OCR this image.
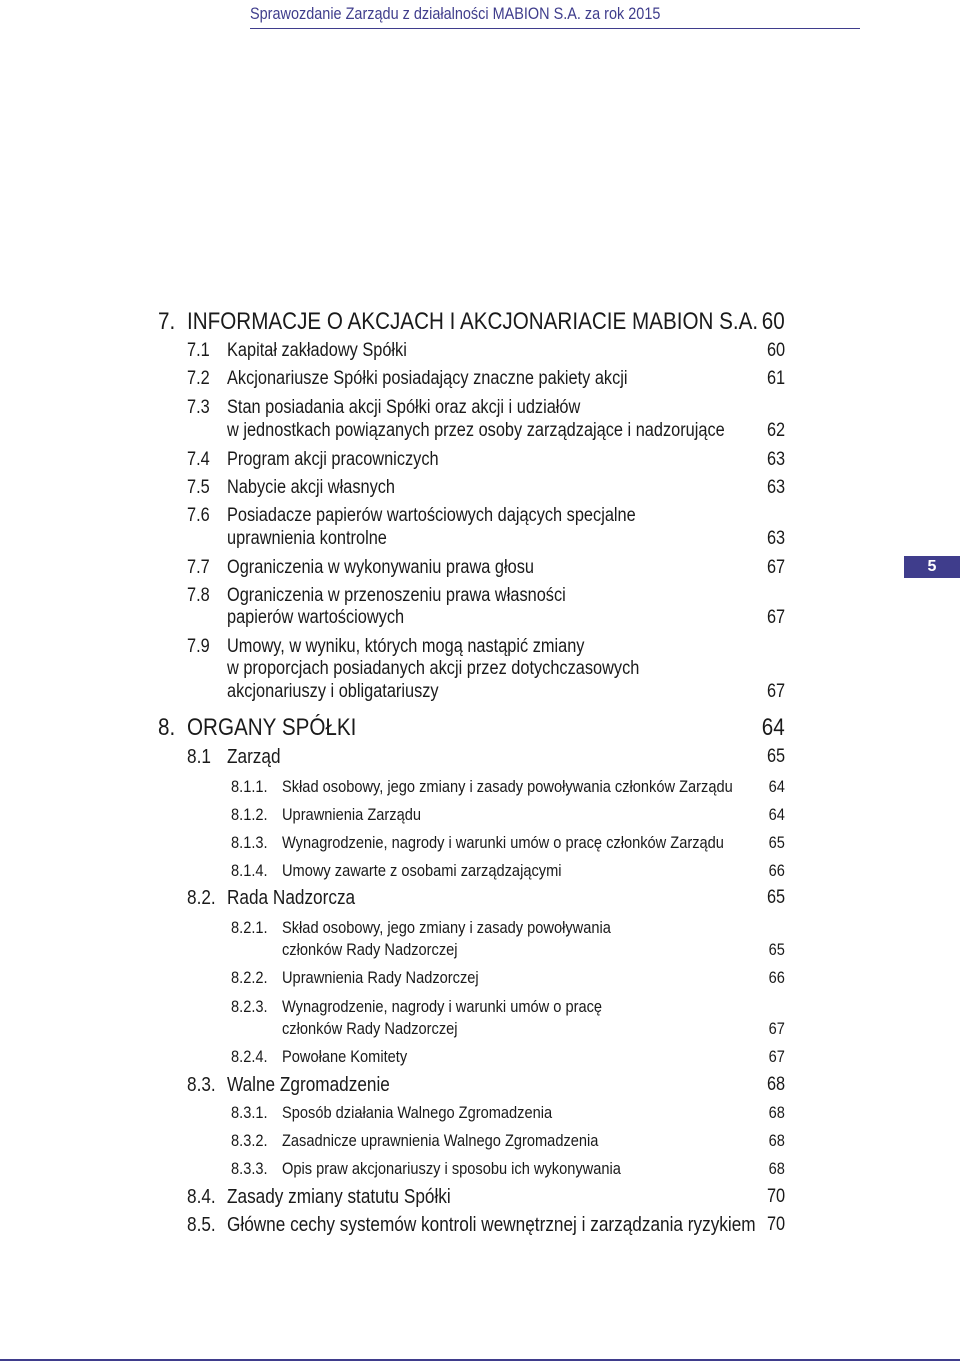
Sprawozdanie Zarządu z działalności MABION S.A. za rok 2015
5
7. INFORMACJE O AKCJACH I AKCJONARIACIE MABION S.A. 60
7.1 Kapitał zakładowy Spółki	60
7.2 Akcjonariusze Spółki posiadający znaczne pakiety akcji	61
7.3 Stan posiadania akcji Spółki oraz akcji i udziałów
w jednostkach powiązanych przez osoby zarządzające i nadzorujące	62
7.4 Program akcji pracowniczych	63
7.5 Nabycie akcji własnych	63
7.6 Posiadacze papierów wartościowych dających specjalne
uprawnienia kontrolne	63
7.7 Ograniczenia w wykonywaniu prawa głosu	67
7.8 Ograniczenia w przenoszeniu prawa własności
papierów wartościowych	67
7.9 Umowy, w wyniku, których mogą nastąpić zmiany
w proporcjach posiadanych akcji przez dotychczasowych
akcjonariuszy i obligatariuszy	67
8. ORGANY SPÓŁKI	64
8.1 Zarząd	65
8.1.1. Skład osobowy, jego zmiany i zasady powoływania członków Zarządu	64
8.1.2. Uprawnienia Zarządu	64
8.1.3. Wynagrodzenie, nagrody i warunki umów o pracę członków Zarządu	65
8.1.4. Umowy zawarte z osobami zarządzającymi	66
8.2. Rada Nadzorcza	65
8.2.1. Skład osobowy, jego zmiany i zasady powoływania
członków Rady Nadzorczej	65
8.2.2. Uprawnienia Rady Nadzorczej	66
8.2.3. Wynagrodzenie, nagrody i warunki umów o pracę
członków Rady Nadzorczej	67
8.2.4. Powołane Komitety	67
8.3. Walne Zgromadzenie	68
8.3.1. Sposób działania Walnego Zgromadzenia	68
8.3.2. Zasadnicze uprawnienia Walnego Zgromadzenia	68
8.3.3. Opis praw akcjonariuszy i sposobu ich wykonywania	68
8.4. Zasady zmiany statutu Spółki	70
8.5. Główne cechy systemów kontroli wewnętrznej i zarządzania ryzykiem 70
